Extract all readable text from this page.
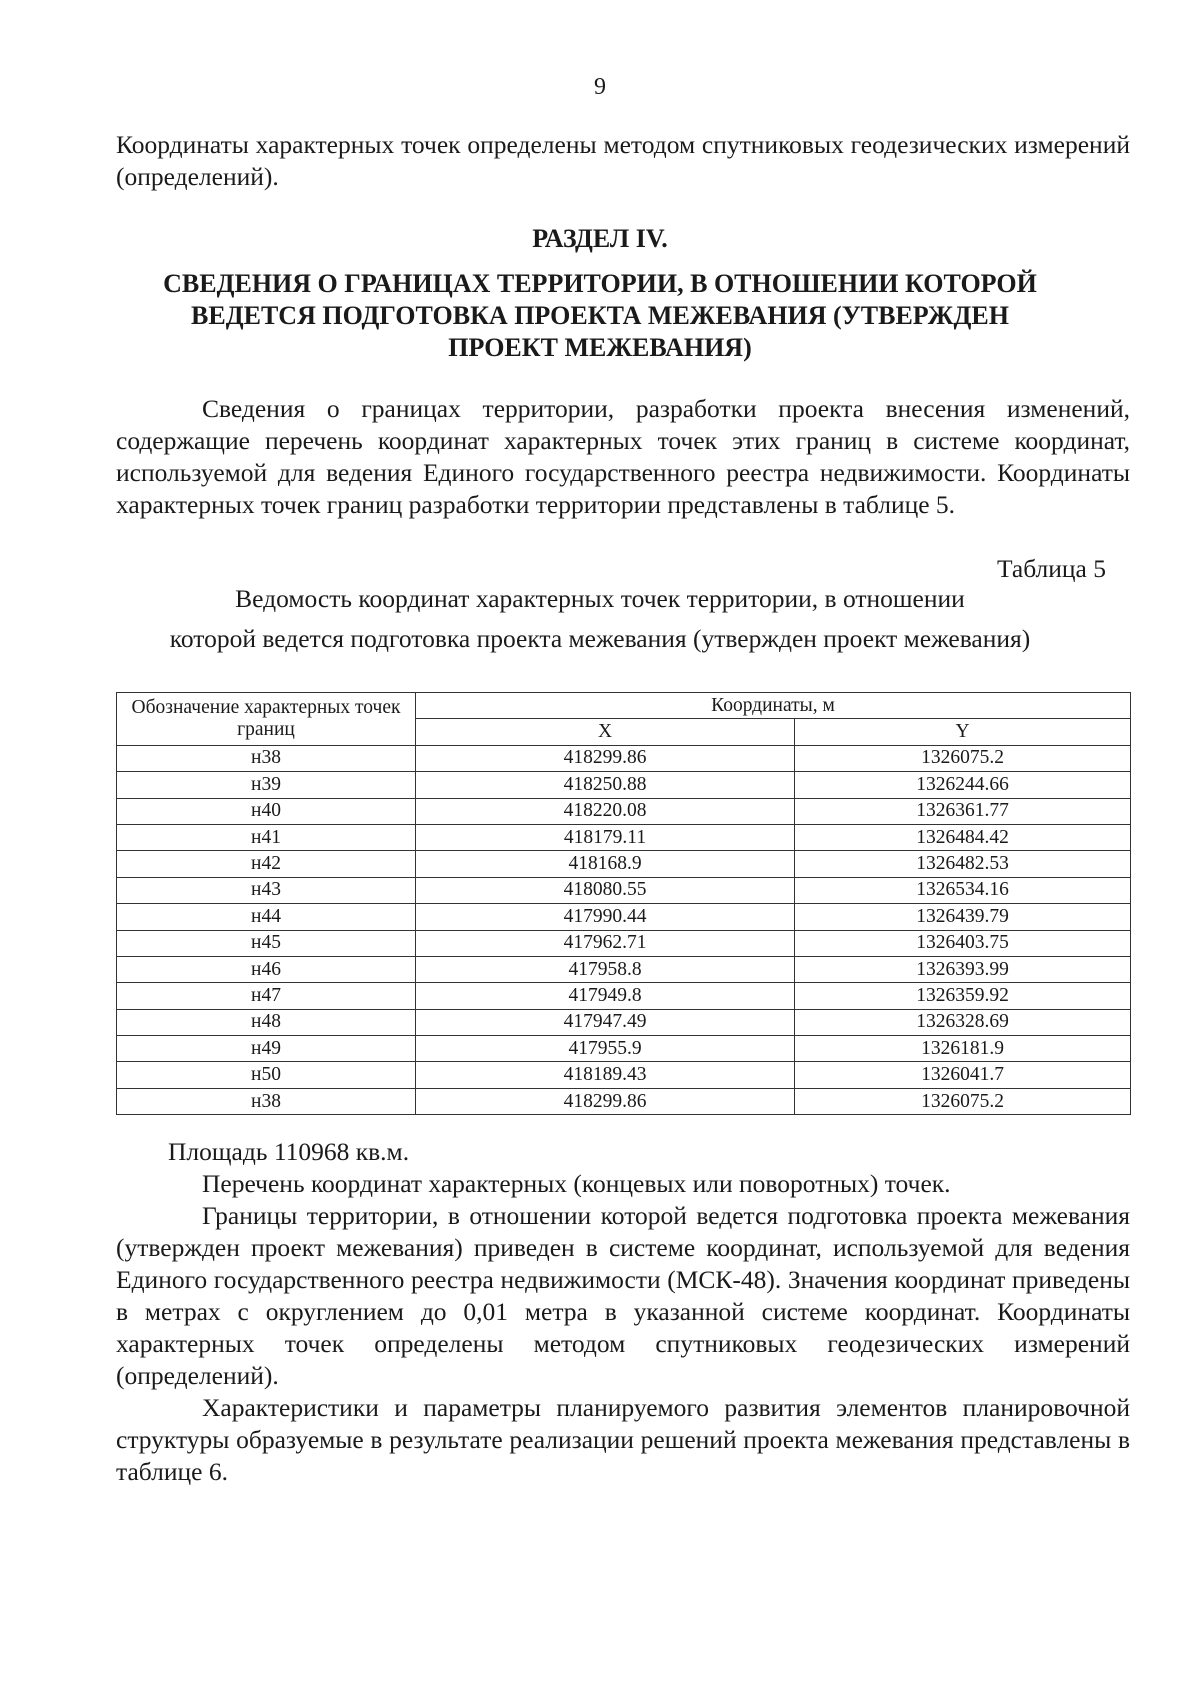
9

Координаты характерных точек определены методом спутниковых геодезических измерений (определений).

РАЗДЕЛ IV.
СВЕДЕНИЯ О ГРАНИЦАХ ТЕРРИТОРИИ, В ОТНОШЕНИИ КОТОРОЙ
ВЕДЕТСЯ ПОДГОТОВКА ПРОЕКТА МЕЖЕВАНИЯ (УТВЕРЖДЕН
ПРОЕКТ МЕЖЕВАНИЯ)

Сведения о границах территории, разработки проекта внесения изменений, содержащие перечень координат характерных точек этих границ в системе координат, используемой для ведения Единого государственного реестра недвижимости. Координаты характерных точек границ разработки территории представлены в таблице 5.

Таблица 5
Ведомость координат характерных точек территории, в отношении
которой ведется подготовка проекта межевания (утвержден проект межевания)
Обозначение характерных точек границ	Координаты, м	
	X	Y
н38	418299.86	1326075.2
н39	418250.88	1326244.66
н40	418220.08	1326361.77
н41	418179.11	1326484.42
н42	418168.9	1326482.53
н43	418080.55	1326534.16
н44	417990.44	1326439.79
н45	417962.71	1326403.75
н46	417958.8	1326393.99
н47	417949.8	1326359.92
н48	417947.49	1326328.69
н49	417955.9	1326181.9
н50	418189.43	1326041.7
н38	418299.86	1326075.2

Площадь 110968 кв.м.

Перечень координат характерных (концевых или поворотных) точек.

Границы территории, в отношении которой ведется подготовка проекта межевания (утвержден проект межевания) приведен в системе координат, используемой для ведения Единого государственного реестра недвижимости (МСК-48). Значения координат приведены в метрах с округлением до 0,01 метра в указанной системе координат. Координаты характерных точек определены методом спутниковых геодезических измерений (определений).

Характеристики и параметры планируемого развития элементов планировочной структуры образуемые в результате реализации решений проекта межевания представлены в таблице 6.
